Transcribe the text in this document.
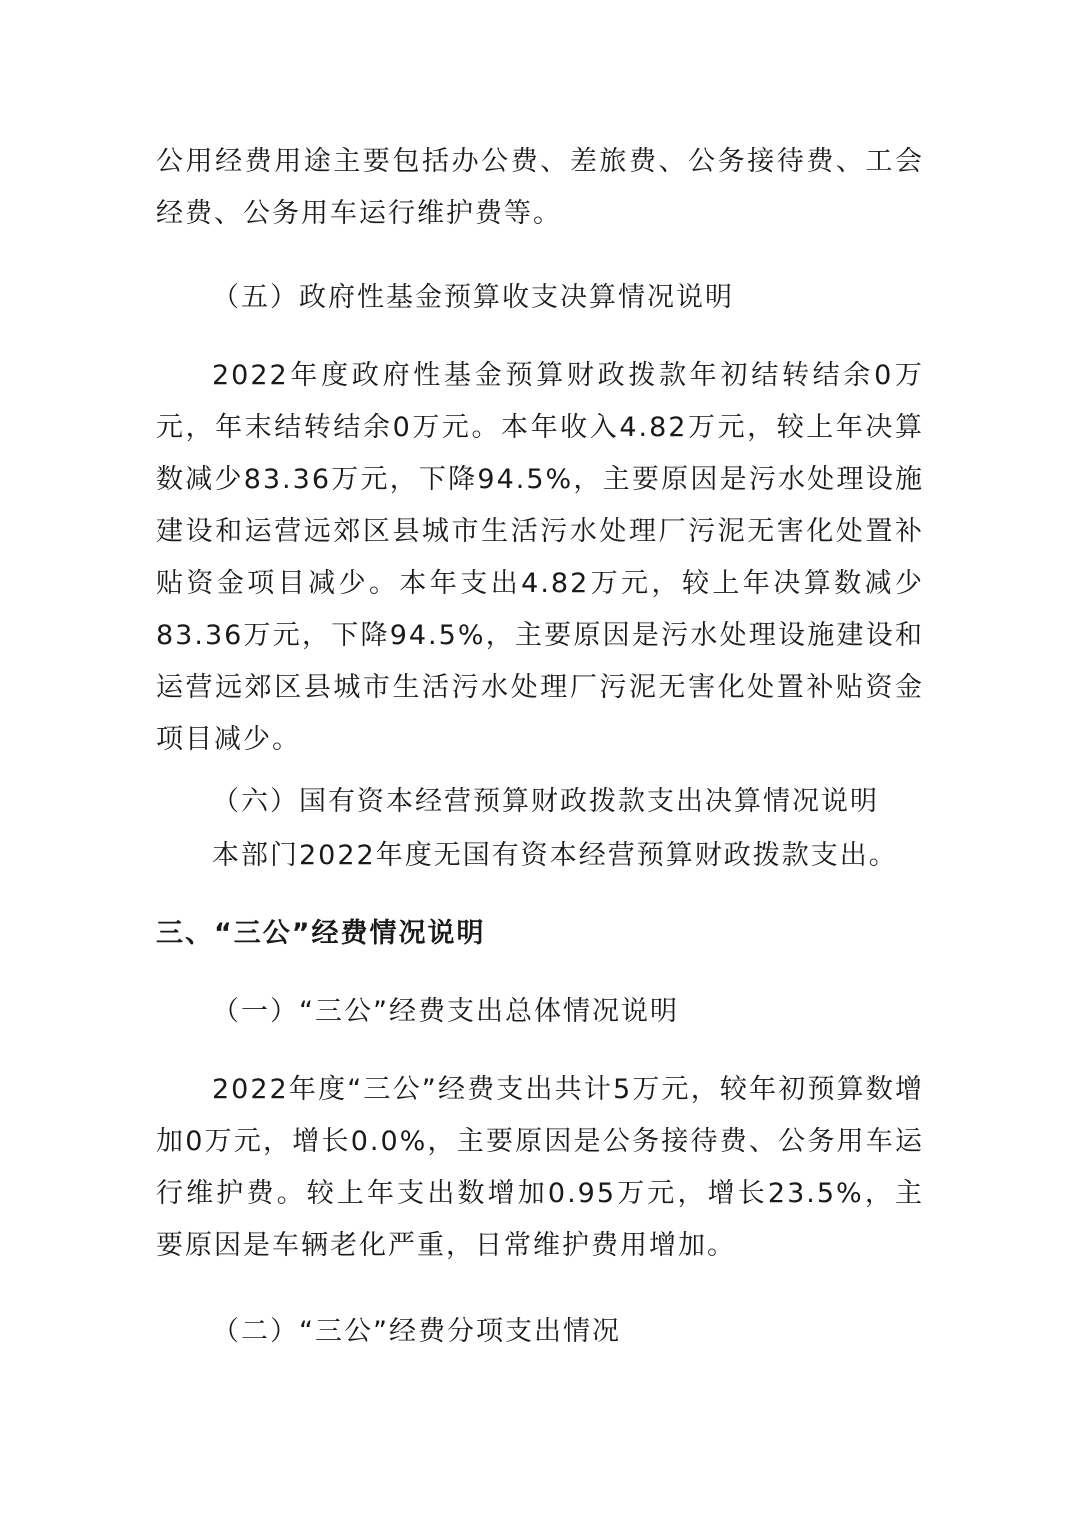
公用经费用途主要包括办公费、差旅费、公务接待费、工会经费、公务用车运行维护费等。

（五）政府性基金预算收支决算情况说明

2022年度政府性基金预算财政拨款年初结转结余0万元，年末结转结余0万元。本年收入4.82万元，较上年决算数减少83.36万元，下降94.5%，主要原因是污水处理设施建设和运营远郊区县城市生活污水处理厂污泥无害化处置补贴资金项目减少。本年支出4.82万元，较上年决算数减少83.36万元，下降94.5%，主要原因是污水处理设施建设和运营远郊区县城市生活污水处理厂污泥无害化处置补贴资金项目减少。

（六）国有资本经营预算财政拨款支出决算情况说明

本部门2022年度无国有资本经营预算财政拨款支出。

三、“三公”经费情况说明

（一）“三公”经费支出总体情况说明

2022年度“三公”经费支出共计5万元，较年初预算数增加0万元，增长0.0%，主要原因是公务接待费、公务用车运行维护费。较上年支出数增加0.95万元，增长23.5%，主要原因是车辆老化严重，日常维护费用增加。

（二）“三公”经费分项支出情况
